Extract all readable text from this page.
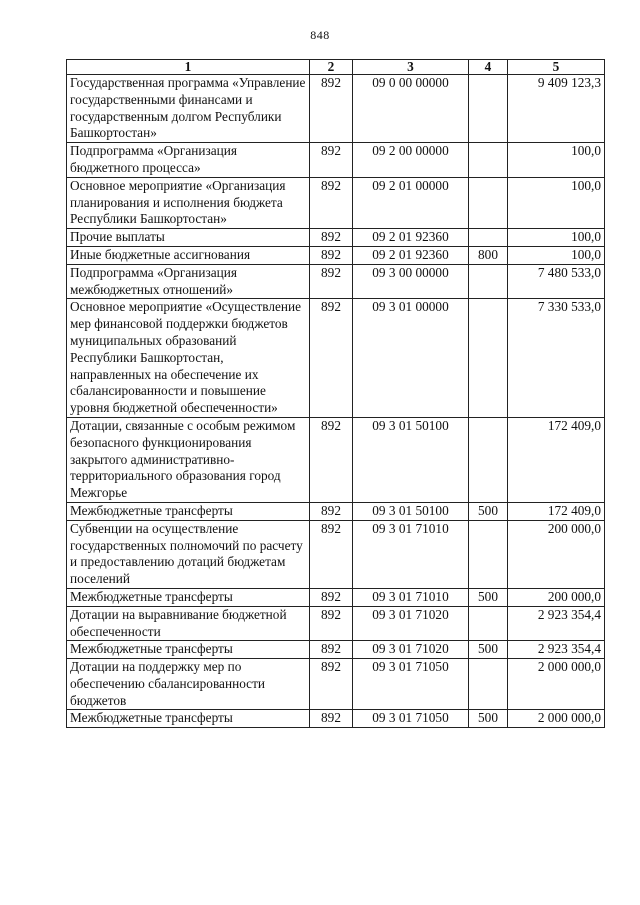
848
1	2	3	4	5
Государственная программа «Управление государственными финансами и государственным долгом Республики Башкортостан»	892	09 0 00 00000		9 409 123,3
Подпрограмма «Организация бюджетного процесса»	892	09 2 00 00000		100,0
Основное мероприятие «Организация планирования и исполнения бюджета Республики Башкортостан»	892	09 2 01 00000		100,0
Прочие выплаты	892	09 2 01 92360		100,0
Иные бюджетные ассигнования	892	09 2 01 92360	800	100,0
Подпрограмма «Организация межбюджетных отношений»	892	09 3 00 00000		7 480 533,0
Основное мероприятие «Осуществление мер финансовой поддержки бюджетов муниципальных образований Республики Башкортостан, направленных на обеспечение их сбалансированности и повышение уровня бюджетной обеспеченности»	892	09 3 01 00000		7 330 533,0
Дотации, связанные с особым режимом безопасного функционирования закрытого административно-территориального образования город Межгорье	892	09 3 01 50100		172 409,0
Межбюджетные трансферты	892	09 3 01 50100	500	172 409,0
Субвенции на осуществление государственных полномочий по расчету и предоставлению дотаций бюджетам поселений	892	09 3 01 71010		200 000,0
Межбюджетные трансферты	892	09 3 01 71010	500	200 000,0
Дотации на выравнивание бюджетной обеспеченности	892	09 3 01 71020		2 923 354,4
Межбюджетные трансферты	892	09 3 01 71020	500	2 923 354,4
Дотации на поддержку мер по обеспечению сбалансированности бюджетов	892	09 3 01 71050		2 000 000,0
Межбюджетные трансферты	892	09 3 01 71050	500	2 000 000,0
